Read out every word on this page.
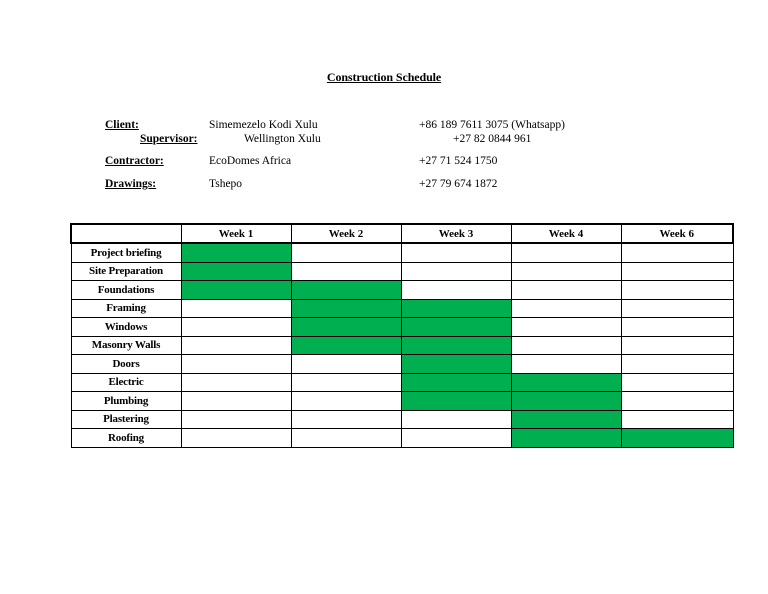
Construction Schedule
Client:	Simemezelo Kodi Xulu	+86 189 7611 3075 (Whatsapp)
Supervisor:	Wellington Xulu	+27 82 0844 961
Contractor:	EcoDomes Africa	+27 71 524 1750
Drawings:	Tshepo	+27 79 674 1872
	Week 1	Week 2	Week 3	Week 4	Week 6
Project briefing					
Site Preparation					
Foundations					
Framing					
Windows					
Masonry Walls					
Doors					
Electric					
Plumbing					
Plastering					
Roofing					
